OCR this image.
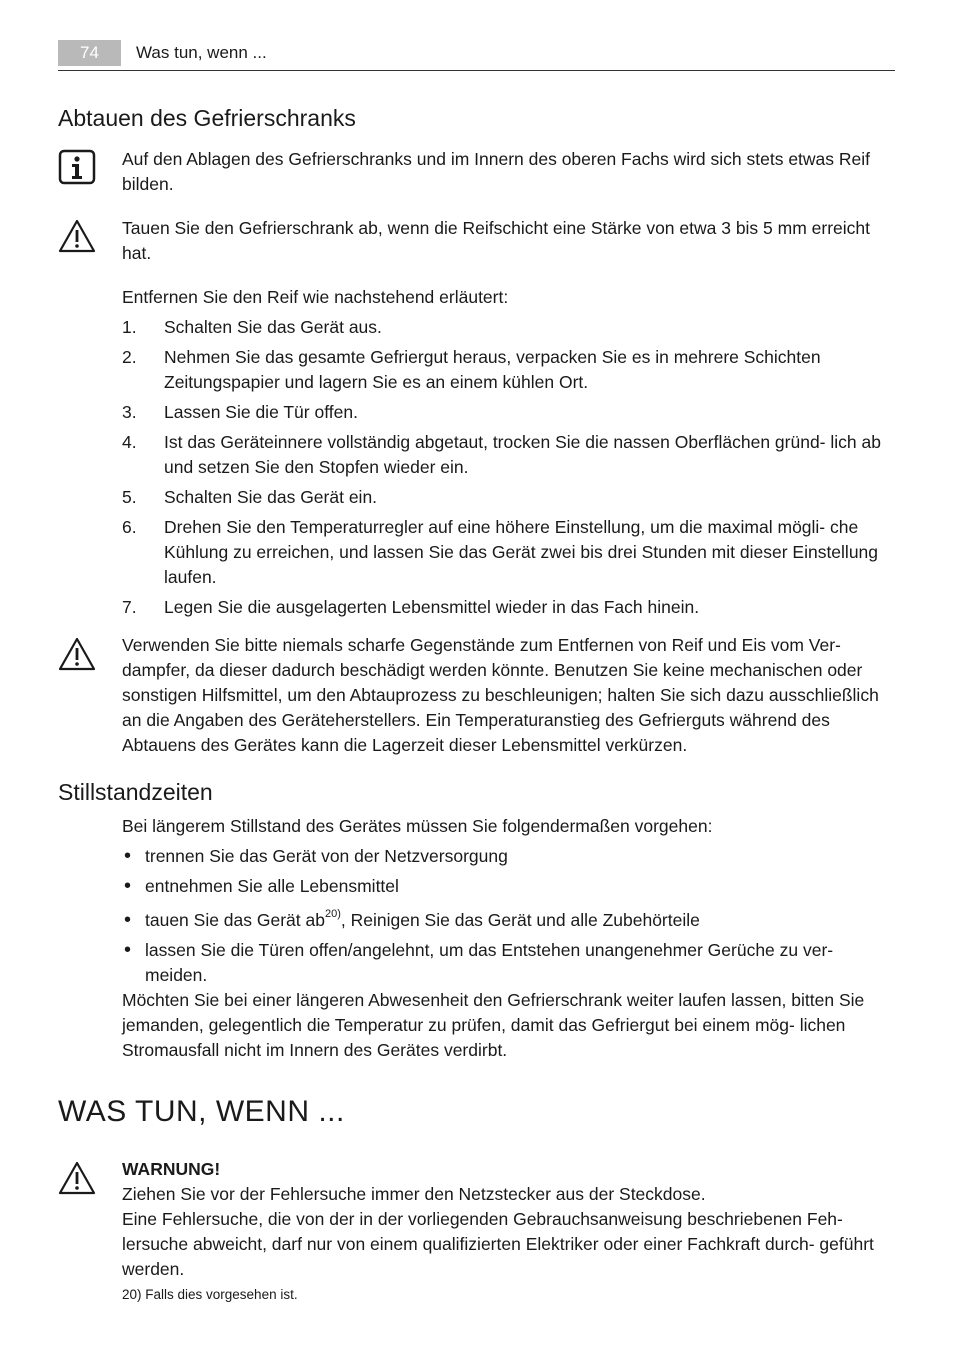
74	Was tun, wenn ...
Abtauen des Gefrierschranks
Auf den Ablagen des Gefrierschranks und im Innern des oberen Fachs wird sich stets etwas Reif bilden.
Tauen Sie den Gefrierschrank ab, wenn die Reifschicht eine Stärke von etwa 3 bis 5 mm erreicht hat.

Entfernen Sie den Reif wie nachstehend erläutert:

1. Schalten Sie das Gerät aus.
2. Nehmen Sie das gesamte Gefriergut heraus, verpacken Sie es in mehrere Schichten Zeitungspapier und lagern Sie es an einem kühlen Ort.
3. Lassen Sie die Tür offen.
4. Ist das Geräteinnere vollständig abgetaut, trocken Sie die nassen Oberflächen gründ- lich ab und setzen Sie den Stopfen wieder ein.
5. Schalten Sie das Gerät ein.
6. Drehen Sie den Temperaturregler auf eine höhere Einstellung, um die maximal mögli- che Kühlung zu erreichen, und lassen Sie das Gerät zwei bis drei Stunden mit dieser Einstellung laufen.
7. Legen Sie die ausgelagerten Lebensmittel wieder in das Fach hinein.
Verwenden Sie bitte niemals scharfe Gegenstände zum Entfernen von Reif und Eis vom Ver- dampfer, da dieser dadurch beschädigt werden könnte. Benutzen Sie keine mechanischen oder sonstigen Hilfsmittel, um den Abtauprozess zu beschleunigen; halten Sie sich dazu ausschließlich an die Angaben des Geräteherstellers. Ein Temperaturanstieg des Gefrierguts während des Abtauens des Gerätes kann die Lagerzeit dieser Lebensmittel verkürzen.
Stillstandzeiten

Bei längerem Stillstand des Gerätes müssen Sie folgendermaßen vorgehen:

• trennen Sie das Gerät von der Netzversorgung
• entnehmen Sie alle Lebensmittel
• tauen Sie das Gerät $ab^{20)}$, Reinigen Sie das Gerät und alle Zubehörteile
• lassen Sie die Türen offen/angelehnt, um das Entstehen unangenehmer Gerüche zu ver- meiden.

Möchten Sie bei einer längeren Abwesenheit den Gefrierschrank weiter laufen lassen, bitten Sie jemanden, gelegentlich die Temperatur zu prüfen, damit das Gefriergut bei einem mög- lichen Stromausfall nicht im Innern des Gerätes verdirbt.

WAS TUN, WENN ...

WARNUNG!

Ziehen Sie vor der Fehlersuche immer den Netzstecker aus der Steckdose.

Eine Fehlersuche, die von der in der vorliegenden Gebrauchsanweisung beschriebenen Feh- lersuche abweicht, darf nur von einem qualifizierten Elektriker oder einer Fachkraft durch- geführt werden.

20) Falls dies vorgesehen ist.
